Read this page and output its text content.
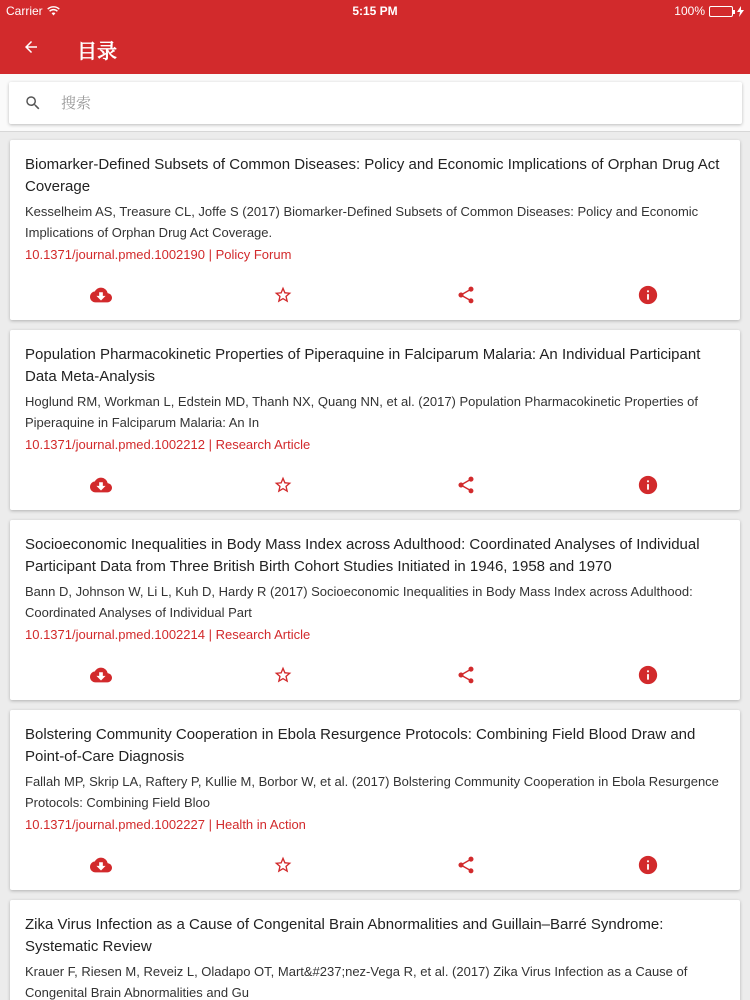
Carrier	5:15 PM	100%
目录
搜索
Biomarker-Defined Subsets of Common Diseases: Policy and Economic Implications of Orphan Drug Act Coverage
Kesselheim AS, Treasure CL, Joffe S (2017) Biomarker-Defined Subsets of Common Diseases: Policy and Economic Implications of Orphan Drug Act Coverage.
10.1371/journal.pmed.1002190 | Policy Forum
Population Pharmacokinetic Properties of Piperaquine in Falciparum Malaria: An Individual Participant Data Meta-Analysis
Hoglund RM, Workman L, Edstein MD, Thanh NX, Quang NN, et al. (2017) Population Pharmacokinetic Properties of Piperaquine in Falciparum Malaria: An In
10.1371/journal.pmed.1002212 | Research Article
Socioeconomic Inequalities in Body Mass Index across Adulthood: Coordinated Analyses of Individual Participant Data from Three British Birth Cohort Studies Initiated in 1946, 1958 and 1970
Bann D, Johnson W, Li L, Kuh D, Hardy R (2017) Socioeconomic Inequalities in Body Mass Index across Adulthood: Coordinated Analyses of Individual Part
10.1371/journal.pmed.1002214 | Research Article
Bolstering Community Cooperation in Ebola Resurgence Protocols: Combining Field Blood Draw and Point-of-Care Diagnosis
Fallah MP, Skrip LA, Raftery P, Kullie M, Borbor W, et al. (2017) Bolstering Community Cooperation in Ebola Resurgence Protocols: Combining Field Bloo
10.1371/journal.pmed.1002227 | Health in Action
Zika Virus Infection as a Cause of Congenital Brain Abnormalities and Guillain–Barré Syndrome: Systematic Review
Krauer F, Riesen M, Reveiz L, Oladapo OT, Mart&#237;nez-Vega R, et al. (2017) Zika Virus Infection as a Cause of Congenital Brain Abnormalities and Gu
